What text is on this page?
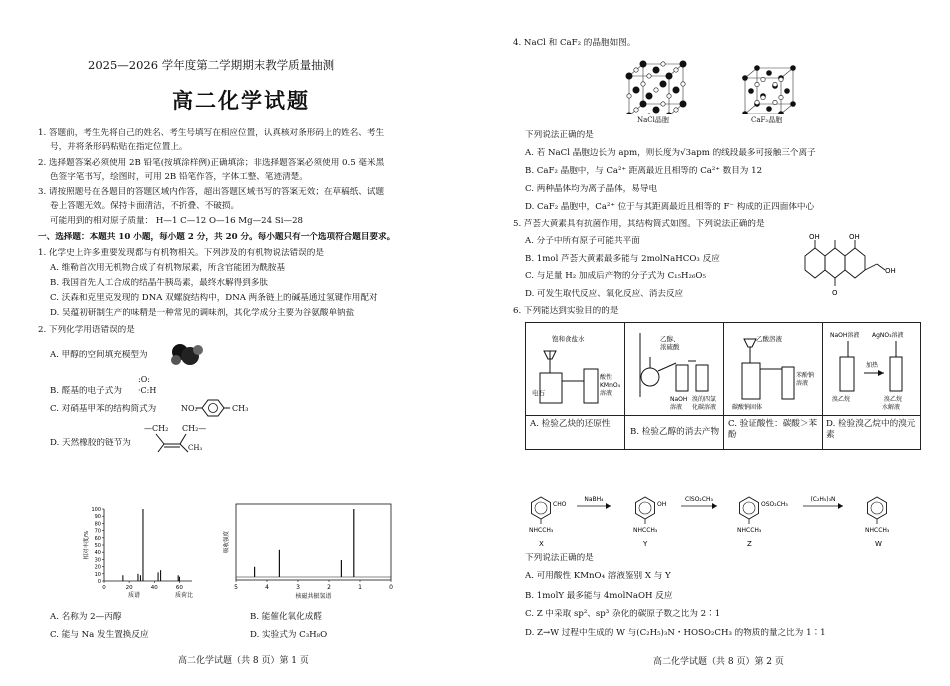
2025—2026 学年度第二学期期末教学质量抽测
高二化学试题
1. 答题前，考生先将自己的姓名、考生号填写在相应位置，认真核对条形码上的姓名、考生
号，并将条形码粘贴在指定位置上。
2. 选择题答案必须使用 2B 铅笔(按填涂样例)正确填涂；非选择题答案必须使用 0.5 毫米黑
色签字笔书写，绘图时，可用 2B 铅笔作答，字体工整、笔迹清楚。
3. 请按照题号在各题目的答题区域内作答，超出答题区域书写的答案无效；在草稿纸、试题
卷上答题无效。保持卡面清洁，不折叠、不破损。
可能用到的相对原子质量： H—1 C—12 O—16 Mg—24 Si—28
一、选择题：本题共 10 小题，每小题 2 分，共 20 分。每小题只有一个选项符合题目要求。
1. 化学史上许多重要发现都与有机物相关。下列涉及的有机物说法错误的是
A. 维勒首次用无机物合成了有机物尿素，所含官能团为酰胺基
B. 我国首先人工合成的结晶牛胰岛素，最终水解得到多肽
C. 沃森和克里克发现的 DNA 双螺旋结构中，DNA 两条链上的碱基通过氢键作用配对
D. 吴蕴初研制生产的味精是一种常见的调味剂，其化学成分主要为谷氨酸单钠盐
2. 下列化学用语错误的是
A. 甲醇的空间填充模型为
B. 醛基的电子式为
:O:
·C:H
C. 对硝基甲苯的结构简式为	NO₂	CH₃
D. 天然橡胶的链节为
—CH₂ CH₂—
CH₃
0
10
20
30
40
50
60
70
80
90
100
0	20	40	60
相对丰度/%
质荷比
质谱
5	4	3	2	1	0
吸收强度
核磁共振氢谱
A. 名称为 2—丙醇	B. 能催化氧化成醛
C. 能与 Na 发生置换反应	D. 实验式为 C₃H₈O
高二化学试题（共 8 页）第 1 页
4. NaCl 和 CaF₂ 的晶胞如图。
NaCl晶胞	CaF₂晶胞
下列说法正确的是
A. 若 NaCl 晶胞边长为 apm，则长度为√3apm 的线段最多可接触三个离子
B. CaF₂ 晶胞中，与 Ca²⁺ 距离最近且相等的 Ca²⁺ 数目为 12
C. 两种晶体均为离子晶体，易导电
D. CaF₂ 晶胞中，Ca²⁺ 位于与其距离最近且相等的 F⁻ 构成的正四面体中心
5. 芦荟大黄素具有抗菌作用，其结构简式如图。下列说法正确的是
A. 分子中所有原子可能共平面
B. 1mol 芦荟大黄素最多能与 2molNaHCO₃ 反应
C. 与足量 H₂ 加成后产物的分子式为 C₁₅H₂₆O₅
D. 可发生取代反应、氧化反应、消去反应
OH	OH
O
OH
6. 下列能达到实验目的的是
饱和食盐水
电石
酸性
KMnO₄
溶液
乙醇、
浓硫酸
NaOH
溶液
溴的四氯
化碳溶液
乙酸溶液
碳酸钠固体
苯酚钠
溶液
NaOH溶液 AgNO₃溶液
加热
溴乙烷	溴乙烷
水解液
A. 检验乙炔的还原性
B. 检验乙醇的消去产物
C. 验证酸性：碳酸＞苯酚
D. 检验溴乙烷中的溴元素
NHCCH₃
CHO
X
NHCCH₃
OH
Y
NHCCH₃
OSO₂CH₃
Z
NHCCH₃
W
NaBH₄	ClSO₂CH₃	(C₂H₅)₃N
下列说法正确的是
A. 可用酸性 KMnO₄ 溶液鉴别 X 与 Y
B. 1molY 最多能与 4molNaOH 反应
C. Z 中采取 sp²、sp³ 杂化的碳原子数之比为 2∶1
D. Z→W 过程中生成的 W 与(C₂H₅)₃N・HOSO₂CH₃ 的物质的量之比为 1∶1
高二化学试题（共 8 页）第 2 页
